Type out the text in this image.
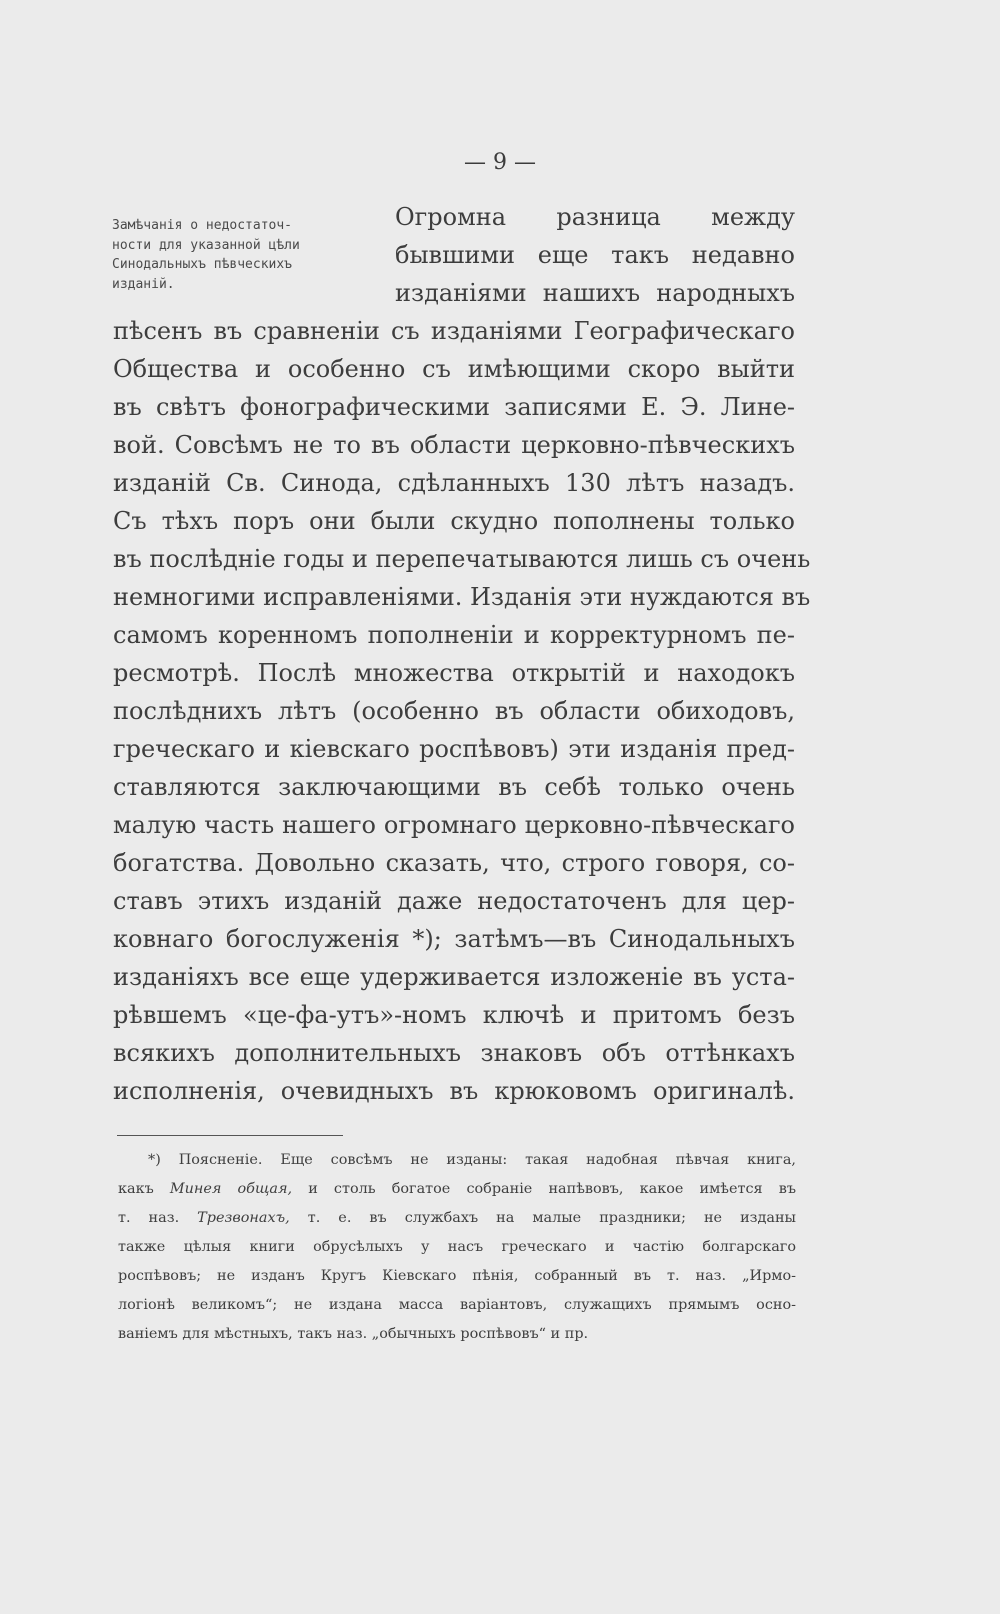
— 9 —
Замѣчанія о недостаточ-
ности для указанной цѣли
Синодальныхъ пѣвческихъ
изданій.
Огромна разница между
бывшими еще такъ недавно
изданіями нашихъ народныхъ
пѣсенъ въ сравненіи съ изданіями Географическаго
Общества и особенно съ имѣющими скоро выйти
въ свѣтъ фонографическими записями Е. Э. Лине-
вой. Совсѣмъ не то въ области церковно-пѣвческихъ
изданій Св. Синода, сдѣланныхъ 130 лѣтъ назадъ.
Съ тѣхъ поръ они были скудно пополнены только
въ послѣдніе годы и перепечатываются лишь съ очень
немногими исправленіями. Изданія эти нуждаются въ
самомъ коренномъ пополненіи и корректурномъ пе-
ресмотрѣ. Послѣ множества открытій и находокъ
послѣднихъ лѣтъ (особенно въ области обиходовъ,
греческаго и кіевскаго роспѣвовъ) эти изданія пред-
ставляются заключающими въ себѣ только очень
малую часть нашего огромнаго церковно-пѣвческаго
богатства. Довольно сказать, что, строго говоря, со-
ставъ этихъ изданій даже недостаточенъ для цер-
ковнаго богослуженія *); затѣмъ—въ Синодальныхъ
изданіяхъ все еще удерживается изложеніе въ уста-
рѣвшемъ «це-фа-утъ»-номъ ключѣ и притомъ безъ
всякихъ дополнительныхъ знаковъ объ оттѣнкахъ
исполненія, очевидныхъ въ крюковомъ оригиналѣ.
*) Поясненіе. Еще совсѣмъ не изданы: такая надобная пѣвчая книга,
какъ Минея общая, и столь богатое собраніе напѣвовъ, какое имѣется въ
т. наз. Трезвонахъ, т. е. въ службахъ на малые праздники; не изданы
также цѣлыя книги обрусѣлыхъ у насъ греческаго и частію болгарскаго
роспѣвовъ; не изданъ Кругъ Кіевскаго пѣнія, собранный въ т. наз. „Ирмо-
логіонѣ великомъ“; не издана масса варіантовъ, служащихъ прямымъ осно-
ваніемъ для мѣстныхъ, такъ наз. „обычныхъ роспѣвовъ“ и пр.
